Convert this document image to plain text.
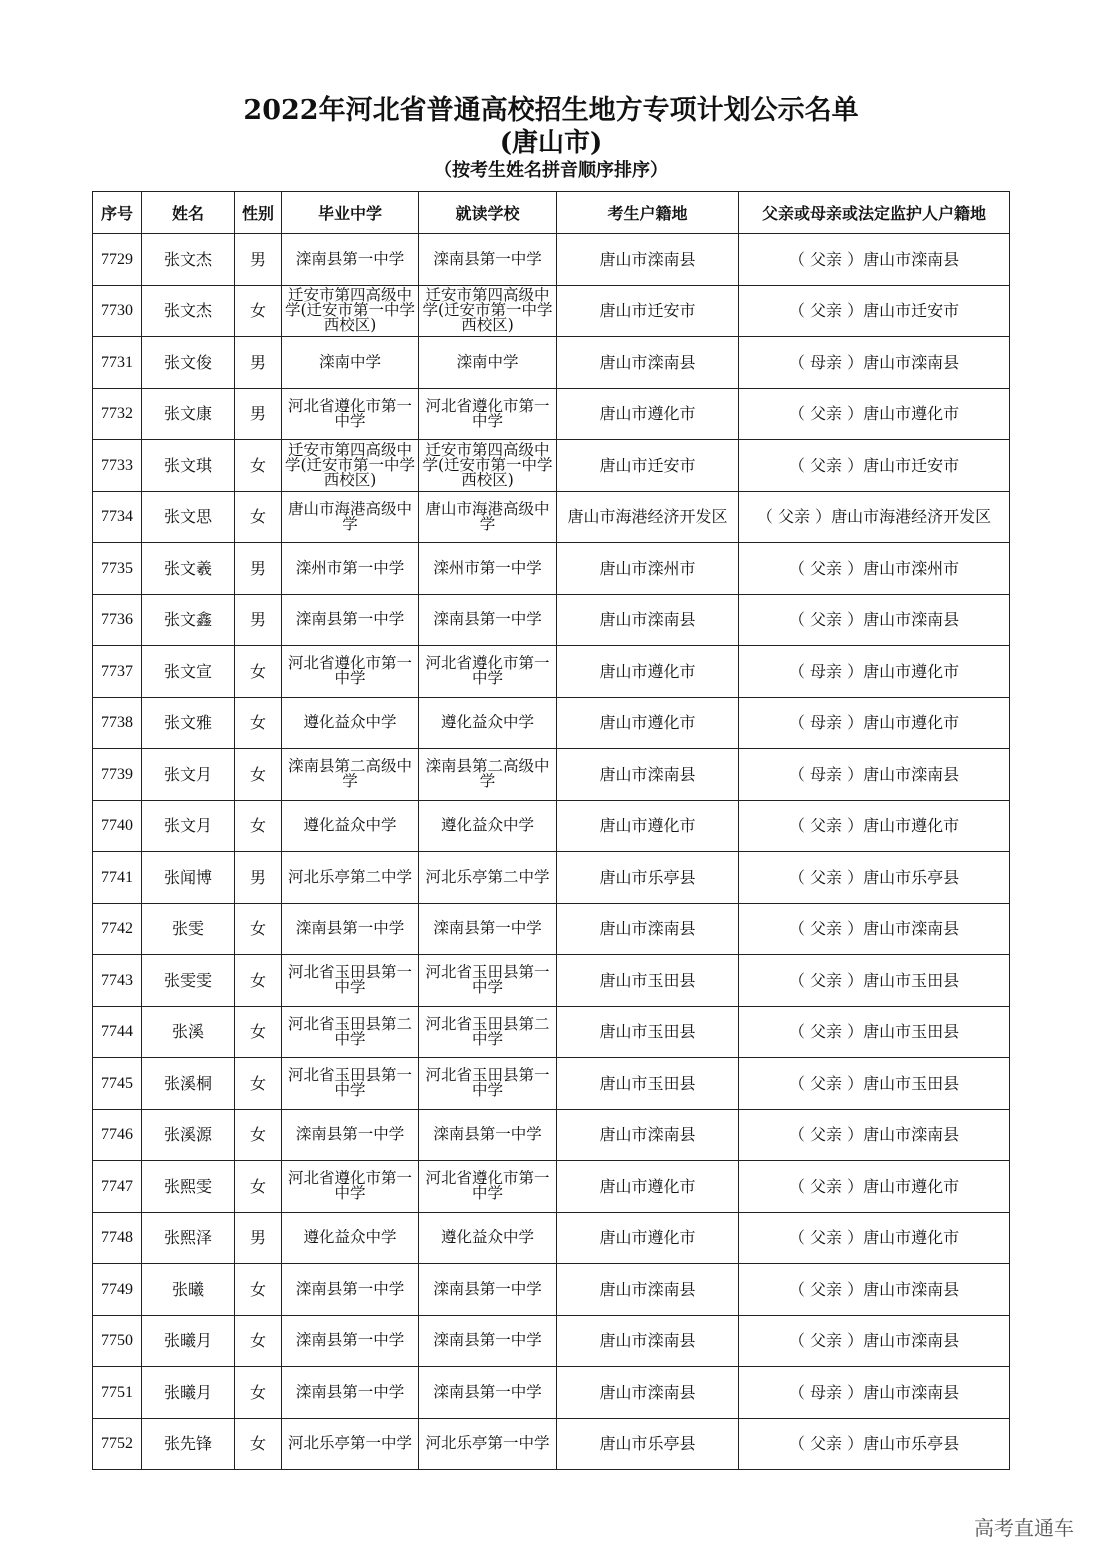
2022年河北省普通高校招生地方专项计划公示名单
(唐山市)
（按考生姓名拼音顺序排序）
序号	姓名	性别	毕业中学	就读学校	考生户籍地	父亲或母亲或法定监护人户籍地
7729	张文杰	男	滦南县第一中学	滦南县第一中学	唐山市滦南县	（ 父亲 ）唐山市滦南县
7730	张文杰	女	迁安市第四高级中学(迁安市第一中学西校区)	迁安市第四高级中学(迁安市第一中学西校区)	唐山市迁安市	（ 父亲 ）唐山市迁安市
7731	张文俊	男	滦南中学	滦南中学	唐山市滦南县	（ 母亲 ）唐山市滦南县
7732	张文康	男	河北省遵化市第一中学	河北省遵化市第一中学	唐山市遵化市	（ 父亲 ）唐山市遵化市
7733	张文琪	女	迁安市第四高级中学(迁安市第一中学西校区)	迁安市第四高级中学(迁安市第一中学西校区)	唐山市迁安市	（ 父亲 ）唐山市迁安市
7734	张文思	女	唐山市海港高级中学	唐山市海港高级中学	唐山市海港经济开发区	（ 父亲 ）唐山市海港经济开发区
7735	张文羲	男	滦州市第一中学	滦州市第一中学	唐山市滦州市	（ 父亲 ）唐山市滦州市
7736	张文鑫	男	滦南县第一中学	滦南县第一中学	唐山市滦南县	（ 父亲 ）唐山市滦南县
7737	张文宣	女	河北省遵化市第一中学	河北省遵化市第一中学	唐山市遵化市	（ 母亲 ）唐山市遵化市
7738	张文雅	女	遵化益众中学	遵化益众中学	唐山市遵化市	（ 母亲 ）唐山市遵化市
7739	张文月	女	滦南县第二高级中学	滦南县第二高级中学	唐山市滦南县	（ 母亲 ）唐山市滦南县
7740	张文月	女	遵化益众中学	遵化益众中学	唐山市遵化市	（ 父亲 ）唐山市遵化市
7741	张闻博	男	河北乐亭第二中学	河北乐亭第二中学	唐山市乐亭县	（ 父亲 ）唐山市乐亭县
7742	张雯	女	滦南县第一中学	滦南县第一中学	唐山市滦南县	（ 父亲 ）唐山市滦南县
7743	张雯雯	女	河北省玉田县第一中学	河北省玉田县第一中学	唐山市玉田县	（ 父亲 ）唐山市玉田县
7744	张溪	女	河北省玉田县第二中学	河北省玉田县第二中学	唐山市玉田县	（ 父亲 ）唐山市玉田县
7745	张溪桐	女	河北省玉田县第一中学	河北省玉田县第一中学	唐山市玉田县	（ 父亲 ）唐山市玉田县
7746	张溪源	女	滦南县第一中学	滦南县第一中学	唐山市滦南县	（ 父亲 ）唐山市滦南县
7747	张熙雯	女	河北省遵化市第一中学	河北省遵化市第一中学	唐山市遵化市	（ 父亲 ）唐山市遵化市
7748	张熙泽	男	遵化益众中学	遵化益众中学	唐山市遵化市	（ 父亲 ）唐山市遵化市
7749	张曦	女	滦南县第一中学	滦南县第一中学	唐山市滦南县	（ 父亲 ）唐山市滦南县
7750	张曦月	女	滦南县第一中学	滦南县第一中学	唐山市滦南县	（ 父亲 ）唐山市滦南县
7751	张曦月	女	滦南县第一中学	滦南县第一中学	唐山市滦南县	（ 母亲 ）唐山市滦南县
7752	张先锋	女	河北乐亭第一中学	河北乐亭第一中学	唐山市乐亭县	（ 父亲 ）唐山市乐亭县
高考直通车
